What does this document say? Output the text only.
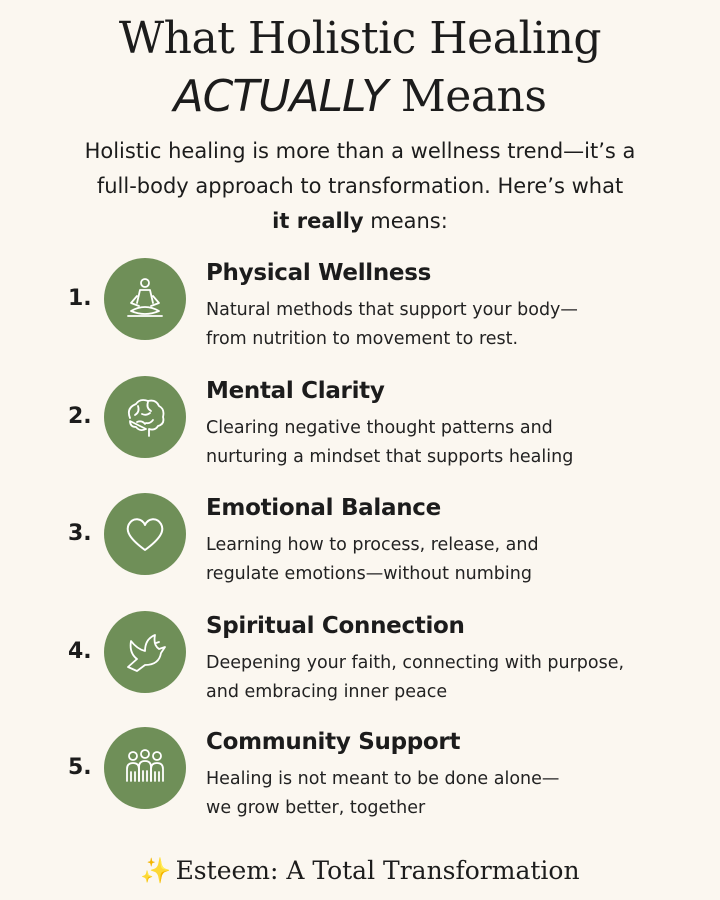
What Holistic Healing
ACTUALLY Means
Holistic healing is more than a wellness trend—it’s a
full-body approach to transformation. Here’s what
it really means:
1.
Physical Wellness
Natural methods that support your body—
from nutrition to movement to rest.
2.
Mental Clarity
Clearing negative thought patterns and
nurturing a mindset that supports healing
3.
Emotional Balance
Learning how to process, release, and
regulate emotions—without numbing
4.
Spiritual Connection
Deepening your faith, connecting with purpose,
and embracing inner peace
5.
Community Support
Healing is not meant to be done alone—
we grow better, together
✨ Esteem: A Total Transformation
